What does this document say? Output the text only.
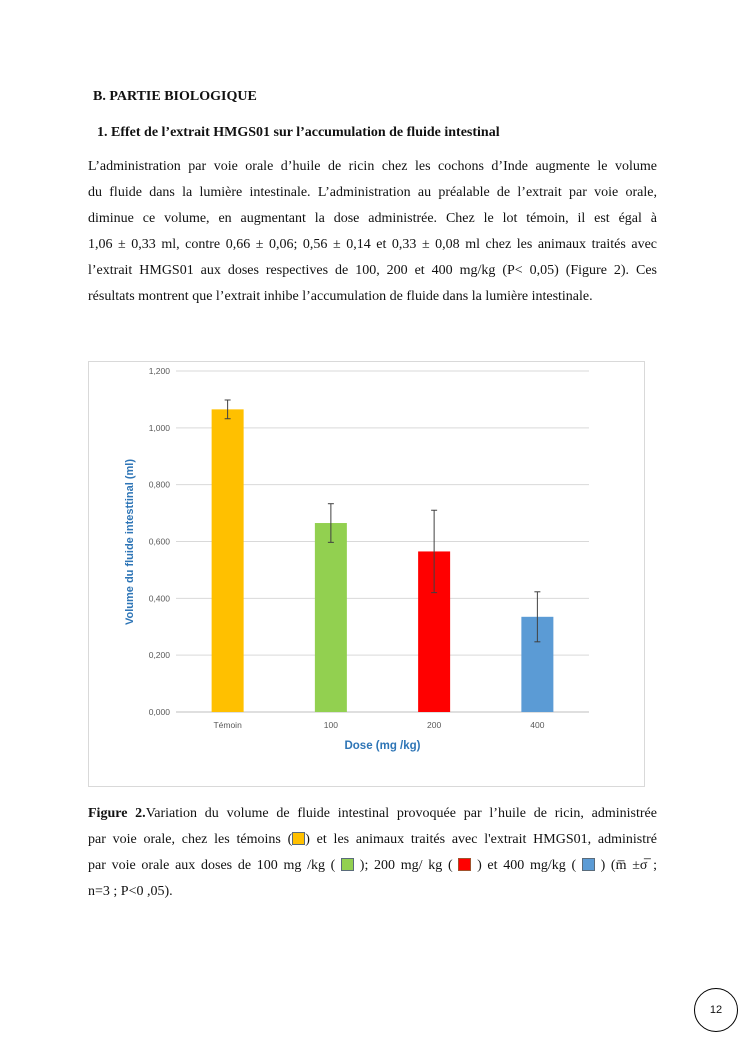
B. PARTIE BIOLOGIQUE
1. Effet de l’extrait HMGS01 sur l’accumulation de fluide intestinal
L’administration par voie orale d’huile de ricin chez les cochons d’Inde augmente le volume
du fluide dans la lumière intestinale. L’administration au préalable de l’extrait par voie orale,
diminue ce volume, en augmentant la dose administrée. Chez le lot témoin, il est égal à
1,06 ± 0,33 ml, contre 0,66 ± 0,06; 0,56 ± 0,14 et 0,33 ± 0,08 ml chez les animaux traités avec
l’extrait HMGS01 aux doses respectives de 100, 200 et 400 mg/kg (P< 0,05) (Figure 2). Ces
résultats montrent que l’extrait inhibe l’accumulation de fluide dans la lumière intestinale.
Volume du fluide intesttinal (ml)
Dose (mg /kg)
0,000
0,200
0,400
0,600
0,800
1,000
1,200
Témoin	100	200	400
Figure 2.Variation du volume de fluide intestinal provoquée par l’huile de ricin, administrée
par voie orale, chez les témoins ( ) et les animaux traités avec l'extrait HMGS01, administré
par voie orale aux doses de 100 mg /kg ( ); 200 mg/ kg ( ) et 400 mg/kg ( ) (m̅ ±σ̅ ;
n=3 ; P<0 ,05).
12
